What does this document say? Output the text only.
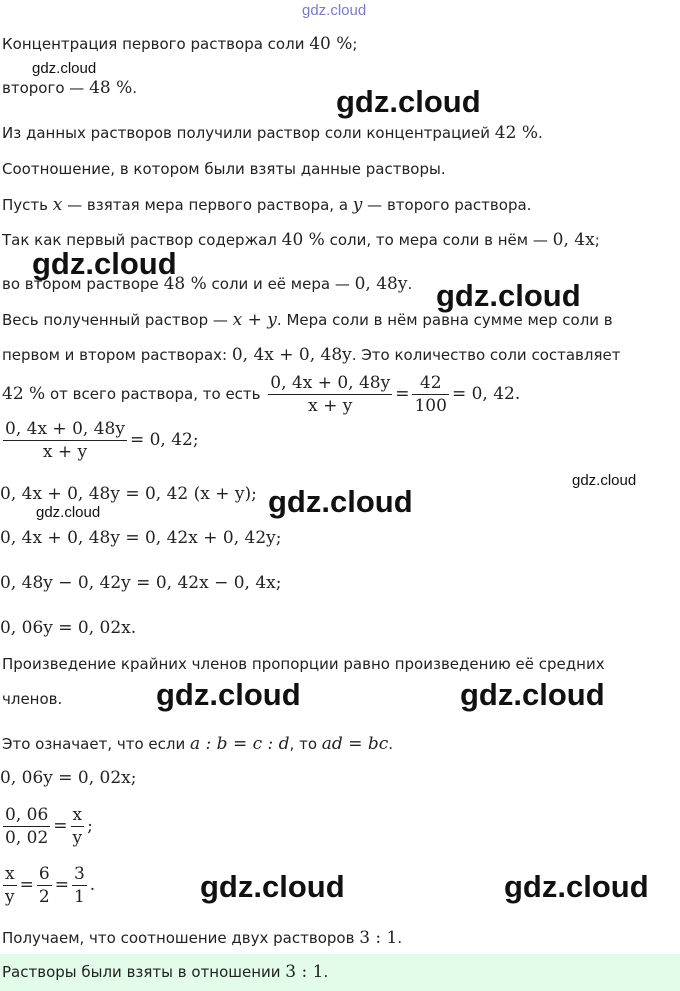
gdz.cloud
Концентрация первого раствора соли 40 %;
второго — 48 %.
Из данных растворов получили раствор соли концентрацией 42 %.
Соотношение, в котором были взяты данные растворы.
Пусть x — взятая мера первого раствора, а y — второго раствора.
Так как первый раствор содержал 40 % соли, то мера соли в нём — 0, 4x;
во втором растворе 48 % соли и её мера — 0, 48y.
Весь полученный раствор — x + y. Мера соли в нём равна сумме мер соли в
первом и втором растворах: 0, 4x + 0, 48y. Это количество соли составляет
42 % от всего раствора, то есть $\frac{0, 4x + 0, 48y}{x + y} = \frac{42}{100} = 0$, 42.
$\frac{0, 4x + 0, 48y}{x + y} = 0$, 42;
0, 4x + 0, 48y = 0, 42 (x + y);
0, 4x + 0, 48y = 0, 42x + 0, 42y;
0, 48y − 0, 42y = 0, 42x − 0, 4x;
0, 06y = 0, 02x.
Произведение крайних членов пропорции равно произведению её средних
членов.
Это означает, что если a : b = c : d, то ad = bc.
0, 06y = 0, 02x;
$\frac{0, 06}{0, 02} = \frac{x}{y}$ ;
$\frac{x}{y} = \frac{6}{2} = \frac{3}{1}$ .
Получаем, что соотношение двух растворов 3 : 1.
Растворы были взяты в отношении 3 : 1.
gdz.cloud
gdz.cloud
gdz.cloud
gdz.cloud
gdz.cloud
gdz.cloud
gdz.cloud
gdz.cloud	gdz.cloud
gdz.cloud	gdz.cloud
